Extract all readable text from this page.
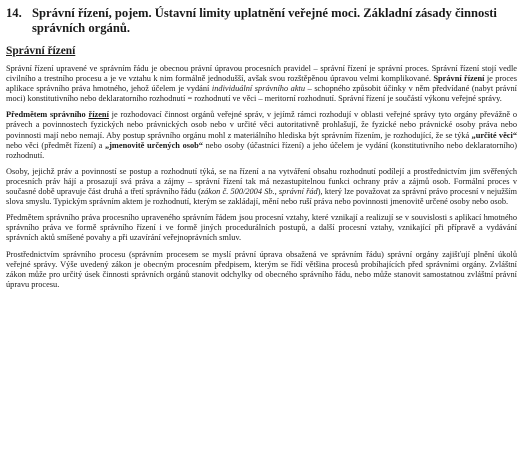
14. Správní řízení, pojem. Ústavní limity uplatnění veřejné moci. Základní zásady činnosti správních orgánů.
Správní řízení

Správní řízení upravené ve správním řádu je obecnou právní úpravou procesních pravidel – správní řízení je správní proces. Správní řízení stojí vedle civilního a trestního procesu a je ve vztahu k nim formálně jednodušší, avšak svou rozštěpěnou úpravou velmi komplikované. Správní řízení je proces aplikace správního práva hmotného, jehož účelem je vydání individuální správního aktu – schopného způsobit účinky v něm předvídané (nabyt právní moci) konstitutivního nebo deklaratorního rozhodnutí = rozhodnutí ve věci – meritorní rozhodnutí. Správní řízení je součástí výkonu veřejné správy.

Předmětem správního řízení je rozhodovací činnost orgánů veřejné správ, v jejímž rámci rozhodují v oblasti veřejné správy tyto orgány převážně o právech a povinnostech fyzických nebo právnických osob nebo v určité věci autoritativně prohlašují, že fyzické nebo právnické osoby práva nebo povinnosti mají nebo nemají. Aby postup správního orgánu mohl z materiálního hlediska být správním řízením, je rozhodující, že se týká „určité věci“ nebo věci (předmět řízení) a „jmenovitě určených osob“ nebo osoby (účastníci řízení) a jeho účelem je vydání (konstitutivního nebo deklaratorního) rozhodnutí.

Osoby, jejichž práv a povinností se postup a rozhodnutí týká, se na řízení a na vytváření obsahu rozhodnutí podílejí a prostřednictvím jim svěřených procesních práv hájí a prosazují svá práva a zájmy – správní řízení tak má nezastupitelnou funkci ochrany práv a zájmů osob. Formální proces v současné době upravuje část druhá a třetí správního řádu (zákon č. 500/2004 Sb., správní řád), který lze považovat za správní právo procesní v nejužším slova smyslu. Typickým správním aktem je rozhodnutí, kterým se zakládají, mění nebo ruší práva nebo povinnosti jmenovitě určené osoby nebo osob.

Předmětem správního práva procesního upraveného správním řádem jsou procesní vztahy, které vznikají a realizují se v souvislosti s aplikací hmotného správního práva ve formě správního řízení i ve formě jiných procedurálních postupů, a další procesní vztahy, vznikající při přípravě a vydávání správních aktů smíšené povahy a při uzavírání veřejnoprávních smluv.

Prostřednictvím správního procesu (správním procesem se myslí právní úprava obsažená ve správním řádu) správní orgány zajišťují plnění úkolů veřejné správy. Výše uvedený zákon je obecným procesním předpisem, kterým se řídí většina procesů probíhajících před správními orgány. Zvláštní zákon může pro určitý úsek činnosti správních orgánů stanovit odchylky od obecného správního řádu, nebo může stanovit samostatnou zvláštní právní úpravu procesu.
